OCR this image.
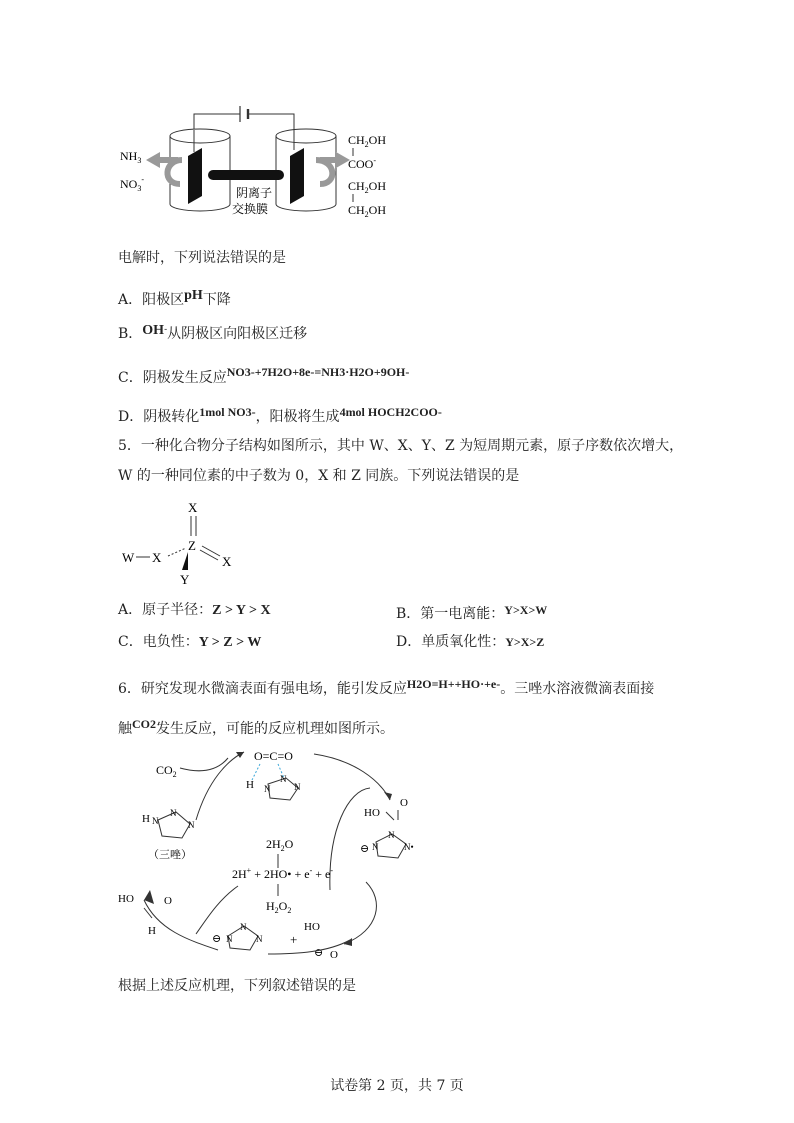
$NH_3$
$NO_3^-$
阴离子
交换膜
$CH_2OH$
COO-
$CH_2OH$
$CH_2OH$
电解时，下列说法错误的是
A．阳极区pH下降
B．OH-从阴极区向阳极区迁移
C．阴极发生反应NO3-+7H2O+8e-=NH3·H2O+9OH-
D．阴极转化1mol NO3-，阳极将生成4mol HOCH2COO-
5．一种化合物分子结构如图所示，其中 W、X、Y、Z 为短周期元素，原子序数依次增大，
W 的一种同位素的中子数为 0，X 和 Z 同族。下列说法错误的是
X
Z
X
W X
Y
A．原子半径：Z > Y > X	B．第一电离能：Y>X>W
C．电负性：Y > Z > W	D．单质氧化性：Y>X>Z
6．研究发现水微滴表面有强电场，能引发反应H2O=H++HO·+e-。三唑水溶液微滴表面接
触CO2发生反应，可能的反应机理如图所示。
$CO_2$
O=C=O
H N
N
N
HO
O
⊖ N
N
N•
H N
N
N
（三唑）
$2H_2O$
2H+ + 2HO• + e- + e-
$H_2O_2$
HO	O
H
⊖ N
N
N +
HO
⊖ O
根据上述反应机理，下列叙述错误的是
试卷第 2 页，共 7 页
